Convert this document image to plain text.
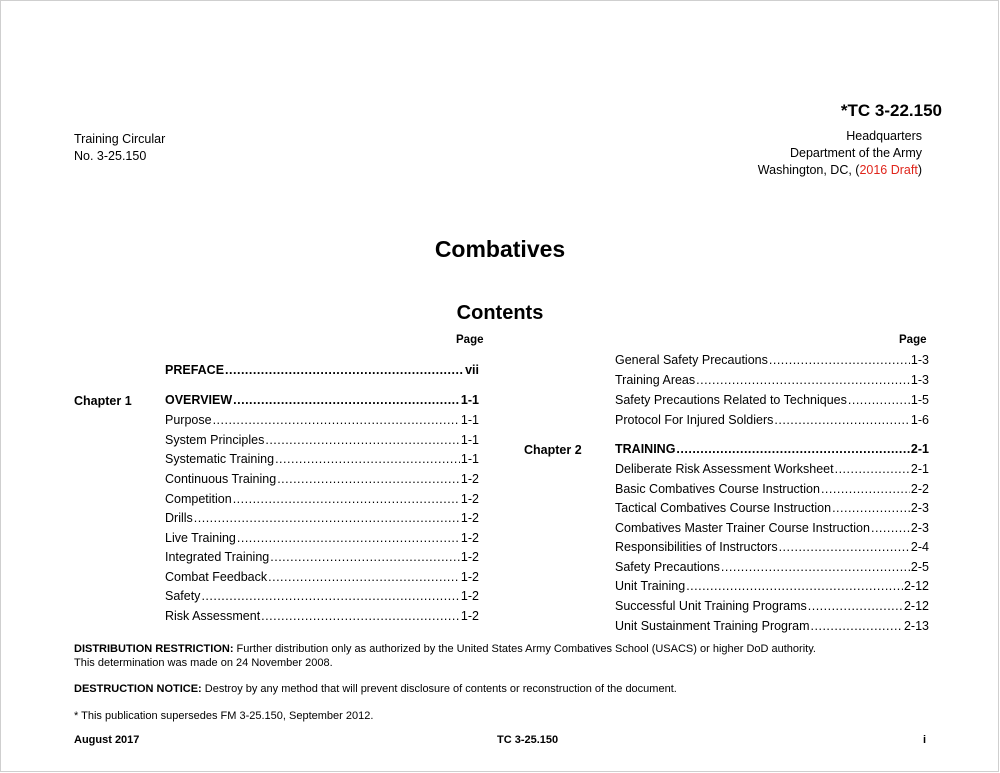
*TC 3-22.150
Training Circular
No. 3-25.150
Headquarters
Department of the Army
Washington, DC, (2016 Draft)
Combatives
Contents
Page	Page
Chapter 1
Chapter 2
PREFACE .....	vii
OVERVIEW .....	1-1
Purpose .....	1-1
System Principles .....	1-1
Systematic Training .....	1-1
Continuous Training .....	1-2
Competition .....	1-2
Drills .....	1-2
Live Training .....	1-2
Integrated Training .....	1-2
Combat Feedback .....	1-2
Safety .....	1-2
Risk Assessment .....	1-2
General Safety Precautions .....	1-3
Training Areas .....	1-3
Safety Precautions Related to Techniques .....	1-5
Protocol For Injured Soldiers .....	1-6
TRAINING .....	2-1
Deliberate Risk Assessment Worksheet .....	2-1
Basic Combatives Course Instruction .....	2-2
Tactical Combatives Course Instruction .....	2-3
Combatives Master Trainer Course Instruction .....	2-3
Responsibilities of Instructors .....	2-4
Safety Precautions .....	2-5
Unit Training .....	2-12
Successful Unit Training Programs .....	2-12
Unit Sustainment Training Program .....	2-13
DISTRIBUTION RESTRICTION: Further distribution only as authorized by the United States Army Combatives School (USACS) or higher DoD authority.
This determination was made on 24 November 2008.
DESTRUCTION NOTICE: Destroy by any method that will prevent disclosure of contents or reconstruction of the document.
* This publication supersedes FM 3-25.150, September 2012.
August 2017	TC 3-25.150	i
